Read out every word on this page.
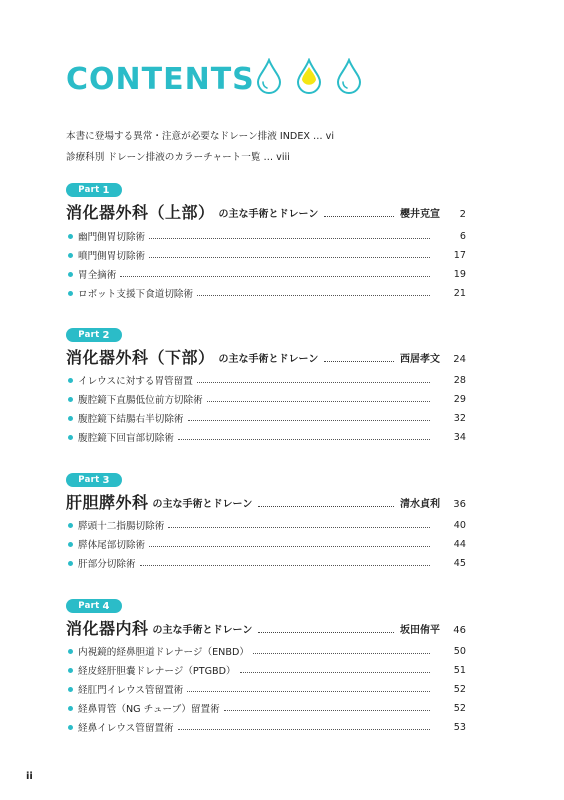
CONTENTS
本書に登場する異常・注意が必要なドレーン排液 INDEX … vi
診療科別 ドレーン排液のカラーチャート一覧 … viii
Part 1
消化器外科（上部） の主な手術とドレーン	櫻井克宣	2
幽門側胃切除術	6
噴門側胃切除術	17
胃全摘術	19
ロボット支援下食道切除術	21
Part 2
消化器外科（下部） の主な手術とドレーン	西居孝文	24
イレウスに対する胃管留置	28
腹腔鏡下直腸低位前方切除術	29
腹腔鏡下結腸右半切除術	32
腹腔鏡下回盲部切除術	34
Part 3
肝胆膵外科 の主な手術とドレーン	清水貞利	36
膵頭十二指腸切除術	40
膵体尾部切除術	44
肝部分切除術	45
Part 4
消化器内科 の主な手術とドレーン	坂田侑平	46
内視鏡的経鼻胆道ドレナージ（ENBD）	50
経皮経肝胆嚢ドレナージ（PTGBD）	51
経肛門イレウス管留置術	52
経鼻胃管（NG チューブ）留置術	52
経鼻イレウス管留置術	53
ii
